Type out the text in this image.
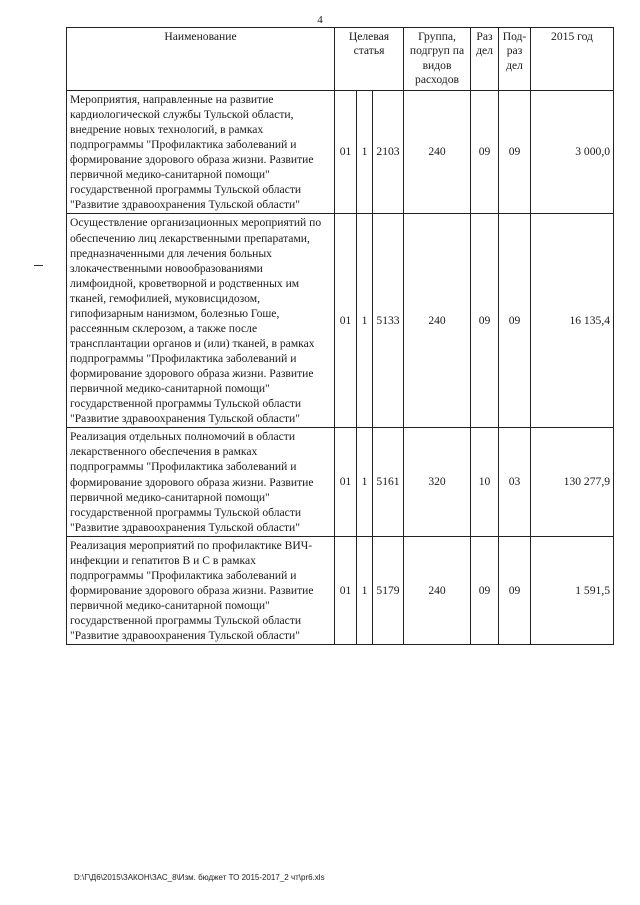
4
Наименование	Целевая статья			Группа, подгруп па видов расходов	Раз дел	Под- раз дел	2015 год
Мероприятия, направленные на развитие кардиологической службы Тульской области, внедрение новых технологий, в рамках подпрограммы "Профилактика заболеваний и формирование здорового образа жизни. Развитие первичной медико-санитарной помощи" государственной программы Тульской области "Развитие здравоохранения Тульской области"	01	1	2103	240	09	09	3 000,0
Осуществление организационных мероприятий по обеспечению лиц лекарственными препаратами, предназначенными для лечения больных злокачественными новообразованиями лимфоидной, кроветворной и родственных им тканей, гемофилией, муковисцидозом, гипофизарным нанизмом, болезнью Гоше, рассеянным склерозом, а также после трансплантации органов и (или) тканей, в рамках подпрограммы "Профилактика заболеваний и формирование здорового образа жизни. Развитие первичной медико-санитарной помощи" государственной программы Тульской области "Развитие здравоохранения Тульской области"	01	1	5133	240	09	09	16 135,4
Реализация отдельных полномочий в области лекарственного обеспечения в рамках подпрограммы "Профилактика заболеваний и формирование здорового образа жизни. Развитие первичной медико-санитарной помощи" государственной программы Тульской области "Развитие здравоохранения Тульской области"	01	1	5161	320	10	03	130 277,9
Реализация мероприятий по профилактике ВИЧ-инфекции и гепатитов В и С в рамках подпрограммы "Профилактика заболеваний и формирование здорового образа жизни. Развитие первичной медико-санитарной помощи" государственной программы Тульской области "Развитие здравоохранения Тульской области"	01	1	5179	240	09	09	1 591,5
D:\Г\Д6\2015\ЗАКОН\ЗАС_8\Изм. бюджет ТО 2015-2017_2 чт\pr6.xls
